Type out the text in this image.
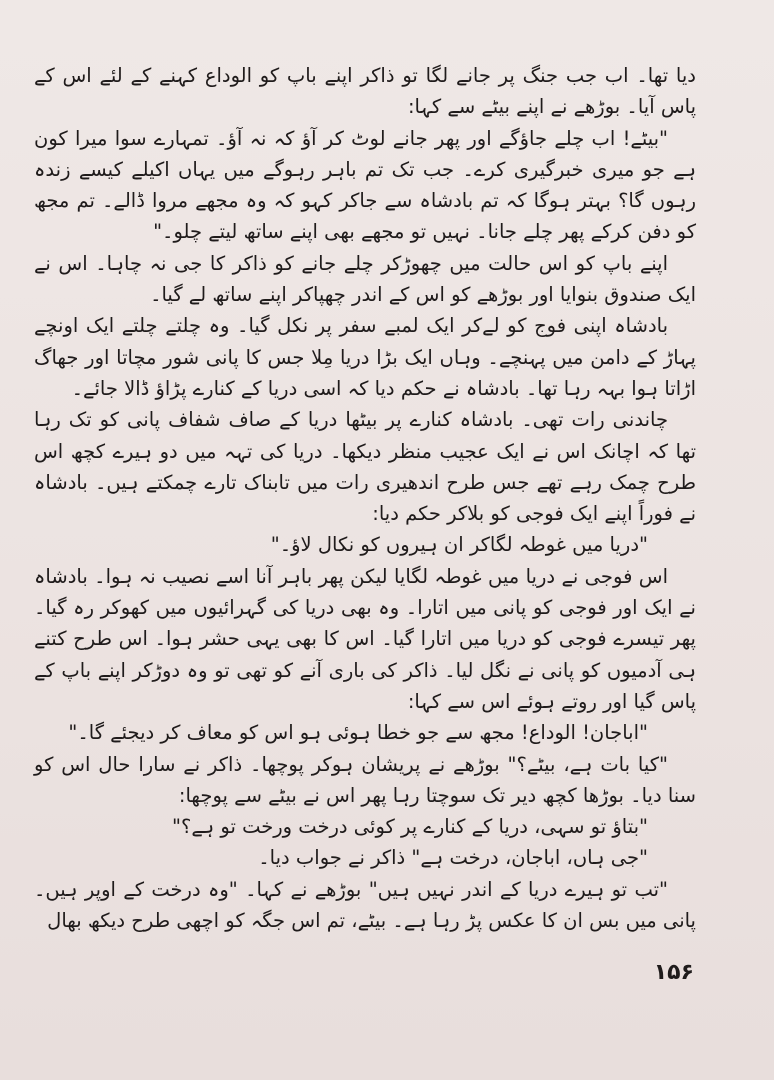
دیا تھا۔ اب جب جنگ پر جانے لگا تو ذاکر اپنے باپ کو الوداع کہنے کے لئے اس کے پاس آیا۔ بوڑھے نے اپنے بیٹے سے کہا:

"بیٹے! اب چلے جاؤگے اور پھر جانے لوٹ کر آؤ کہ نہ آؤ۔ تمہارے سوا میرا کون ہے جو میری خبرگیری کرے۔ جب تک تم باہر رہوگے میں یہاں اکیلے کیسے زندہ رہوں گا؟ بہتر ہوگا کہ تم بادشاہ سے جاکر کہو کہ وہ مجھے مروا ڈالے۔ تم مجھ کو دفن کرکے پھر چلے جانا۔ نہیں تو مجھے بھی اپنے ساتھ لیتے چلو۔"

اپنے باپ کو اس حالت میں چھوڑکر چلے جانے کو ذاکر کا جی نہ چاہا۔ اس نے ایک صندوق بنوایا اور بوڑھے کو اس کے اندر چھپاکر اپنے ساتھ لے گیا۔

بادشاہ اپنی فوج کو لےکر ایک لمبے سفر پر نکل گیا۔ وہ چلتے چلتے ایک اونچے پہاڑ کے دامن میں پہنچے۔ وہاں ایک بڑا دریا مِلا جس کا پانی شور مچاتا اور جھاگ اڑاتا ہوا بہہ رہا تھا۔ بادشاہ نے حکم دیا کہ اسی دریا کے کنارے پڑاؤ ڈالا جائے۔

چاندنی رات تھی۔ بادشاہ کنارے پر بیٹھا دریا کے صاف شفاف پانی کو تک رہا تھا کہ اچانک اس نے ایک عجیب منظر دیکھا۔ دریا کی تہہ میں دو ہیرے کچھ اس طرح چمک رہے تھے جس طرح اندھیری رات میں تابناک تارے چمکتے ہیں۔ بادشاہ نے فوراً اپنے ایک فوجی کو بلاکر حکم دیا:

"دریا میں غوطہ لگاکر ان ہیروں کو نکال لاؤ۔"

اس فوجی نے دریا میں غوطہ لگایا لیکن پھر باہر آنا اسے نصیب نہ ہوا۔ بادشاہ نے ایک اور فوجی کو پانی میں اتارا۔ وہ بھی دریا کی گہرائیوں میں کھوکر رہ گیا۔ پھر تیسرے فوجی کو دریا میں اتارا گیا۔ اس کا بھی یہی حشر ہوا۔ اس طرح کتنے ہی آدمیوں کو پانی نے نگل لیا۔ ذاکر کی باری آنے کو تھی تو وہ دوڑکر اپنے باپ کے پاس گیا اور روتے ہوئے اس سے کہا:

"اباجان! الوداع! مجھ سے جو خطا ہوئی ہو اس کو معاف کر دیجئے گا۔"

"کیا بات ہے، بیٹے؟" بوڑھے نے پریشان ہوکر پوچھا۔ ذاکر نے سارا حال اس کو سنا دیا۔ بوڑھا کچھ دیر تک سوچتا رہا پھر اس نے بیٹے سے پوچھا:

"بتاؤ تو سہی، دریا کے کنارے پر کوئی درخت ورخت تو ہے؟"

"جی ہاں، اباجان، درخت ہے" ذاکر نے جواب دیا۔

"تب تو ہیرے دریا کے اندر نہیں ہیں" بوڑھے نے کہا۔ "وہ درخت کے اوپر ہیں۔ پانی میں بس ان کا عکس پڑ رہا ہے۔ بیٹے، تم اس جگہ کو اچھی طرح دیکھ بھال

۱۵۶
